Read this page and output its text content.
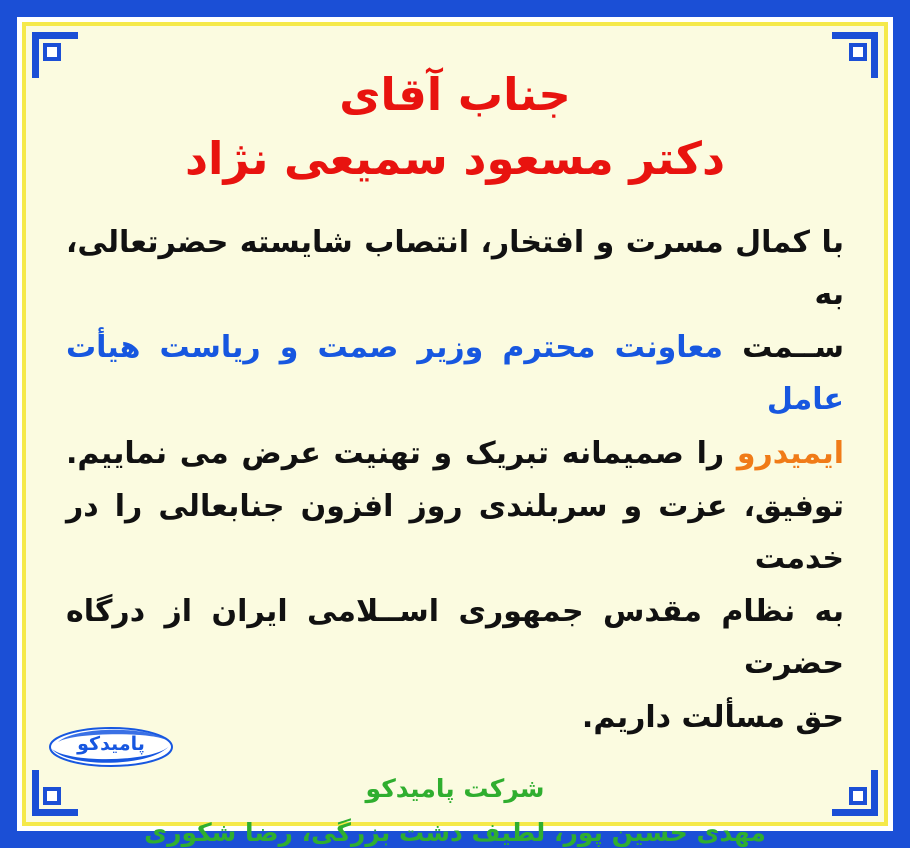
جناب آقای
دکتر مسعود سمیعی نژاد

با کمال مسرت و افتخار، انتصاب شایسته حضرتعالی، به

ســمت معاونت محترم وزیر صمت و ریاست هیأت عامل

ایمیدرو را صمیمانه تبریک و تهنیت عرض می نماییم.

توفیق، عزت و سربلندی روز افزون جنابعالی را در خدمت

به نظام مقدس جمهوری اســلامی ایران از درگاه حضرت

حق مسألت داریم.

شرکت پامیدکو
مهدی حسین پور، لطیف دشت بزرگی، رضا شکوری
پامیدکو
